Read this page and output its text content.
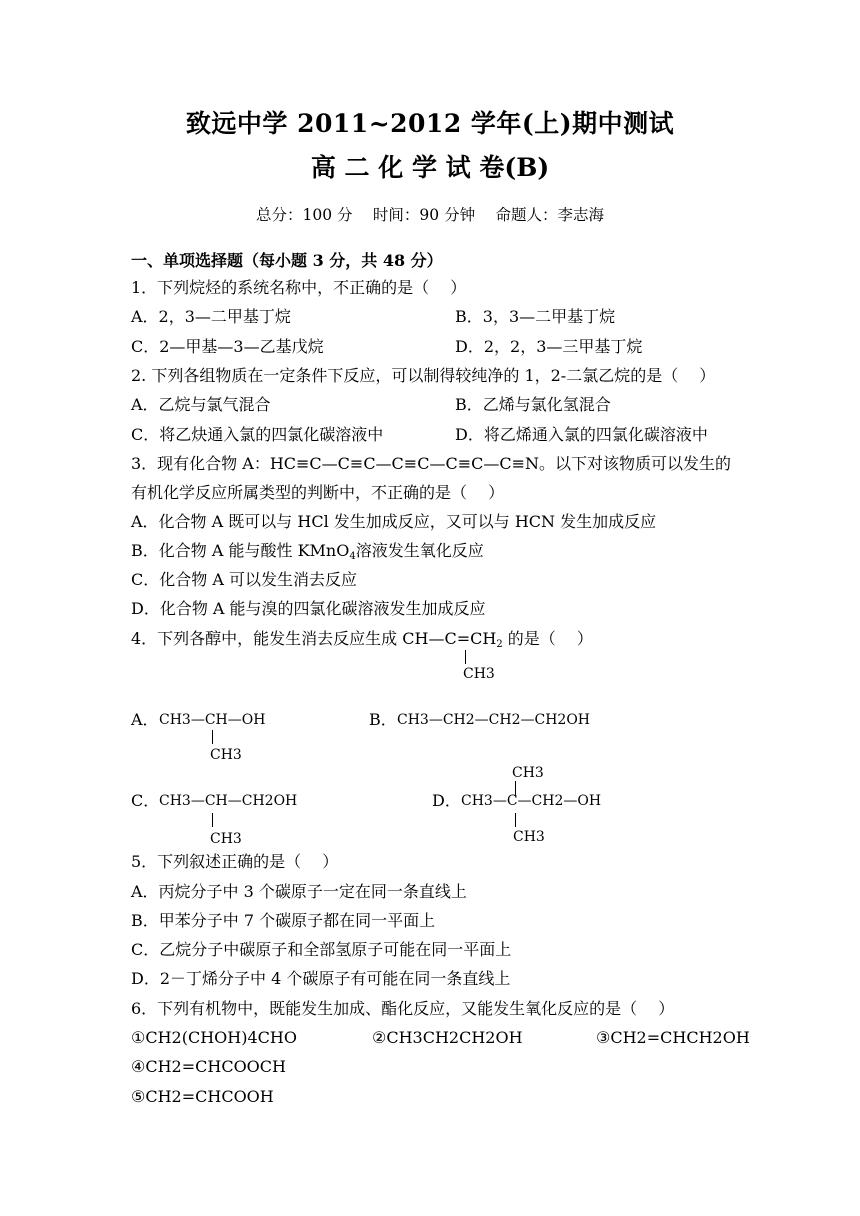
致远中学 2011~2012 学年(上)期中测试
高 二 化 学 试 卷(B)
总分：100 分　 时间：90 分钟　 命题人：李志海
一、单项选择题（每小题 3 分，共 48 分）
1．下列烷烃的系统名称中，不正确的是（　 ）
A．2，3—二甲基丁烷	B．3，3—二甲基丁烷
C．2—甲基—3—乙基戊烷	D．2，2，3—三甲基丁烷
2. 下列各组物质在一定条件下反应，可以制得较纯净的 1，2-二氯乙烷的是（　 ）
A．乙烷与氯气混合	B．乙烯与氯化氢混合
C．将乙炔通入氯的四氯化碳溶液中	D．将乙烯通入氯的四氯化碳溶液中
3．现有化合物 A：HC≡C—C≡C—C≡C—C≡C—C≡N。以下对该物质可以发生的
有机化学反应所属类型的判断中，不正确的是（　 ）
A．化合物 A 既可以与 HCl 发生加成反应，又可以与 HCN 发生加成反应
B．化合物 A 能与酸性 KMnO$_4$溶液发生氧化反应
C．化合物 A 可以发生消去反应
D．化合物 A 能与溴的四氯化碳溶液发生加成反应
4．下列各醇中，能发生消去反应生成 $CH—C=CH_2$ 的是（　 ）
CH3
A． CH3—CH—OH
CH3
B． CH3—CH2—CH2—CH2OH
CH3
C． CH3—CH—CH2OH
CH3
D． CH3—C—CH2—OH
CH3
5．下列叙述正确的是（　 ）
A．丙烷分子中 3 个碳原子一定在同一条直线上
B．甲苯分子中 7 个碳原子都在同一平面上
C．乙烷分子中碳原子和全部氢原子可能在同一平面上
D．2－丁烯分子中 4 个碳原子有可能在同一条直线上
6．下列有机物中，既能发生加成、酯化反应，又能发生氧化反应的是（　 ）
①CH2(CHOH)4CHO	②CH3CH2CH2OH	③CH2=CHCH2OH
④CH2=CHCOOCH
⑤CH2=CHCOOH
